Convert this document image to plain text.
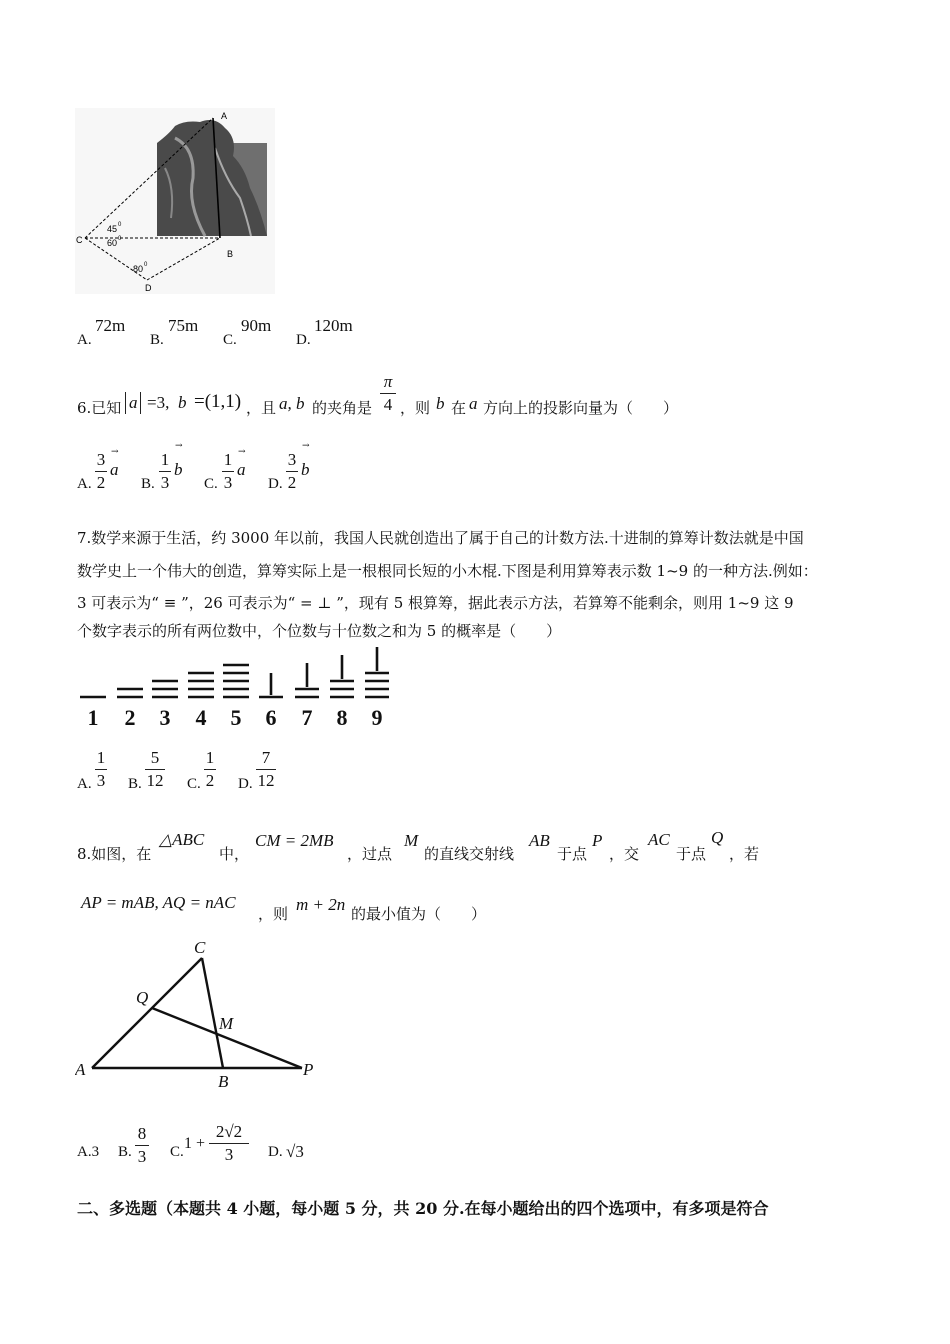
A
B
C
D
45 0
60 0
80 0
A.
72m
B.
75m
C.
90m
D.
120m
6.已知 a =3, b =(1,1) ，且 a, b 的夹角是
π
4 ，则 b 在 a 方向上的投影向量为（　　）
A.
3
2
a
→
B.
1
3
b
→
C.
1
3
a
→
D.
3
2
b
→
7.数学来源于生活，约 3000 年以前，我国人民就创造出了属于自己的计数方法.十进制的算筹计数法就是中国
数学史上一个伟大的创造，算筹实际上是一根根同长短的小木棍.下图是利用算筹表示数 1~9 的一种方法.例如：
3 可表示为“ ≡ ”，26 可表示为“ = ⊥ ”，现有 5 根算筹，据此表示方法，若算筹不能剩余，则用 1~9 这 9
个数字表示的所有两位数中，个位数与十位数之和为 5 的概率是（　　）
1 2 3 4 5 6 7 8 9
A.
1
3 B.
5
12 C.
1
2 D.
7
12
8.如图，在
△ABC
中，
CM = 2MB
，过点
M
的直线交射线
AB
于点
P
，交
AC
于点
Q
，若
AP = mAB, AQ = nAC
，则 m + 2n 的最小值为（　　）
A
B
C
P
Q
M
A.3 B.
8
3 C. 1 +
2√2
3	D. √3
二、多选题（本题共 4 小题，每小题 5 分，共 20 分.在每小题给出的四个选项中，有多项是符合
